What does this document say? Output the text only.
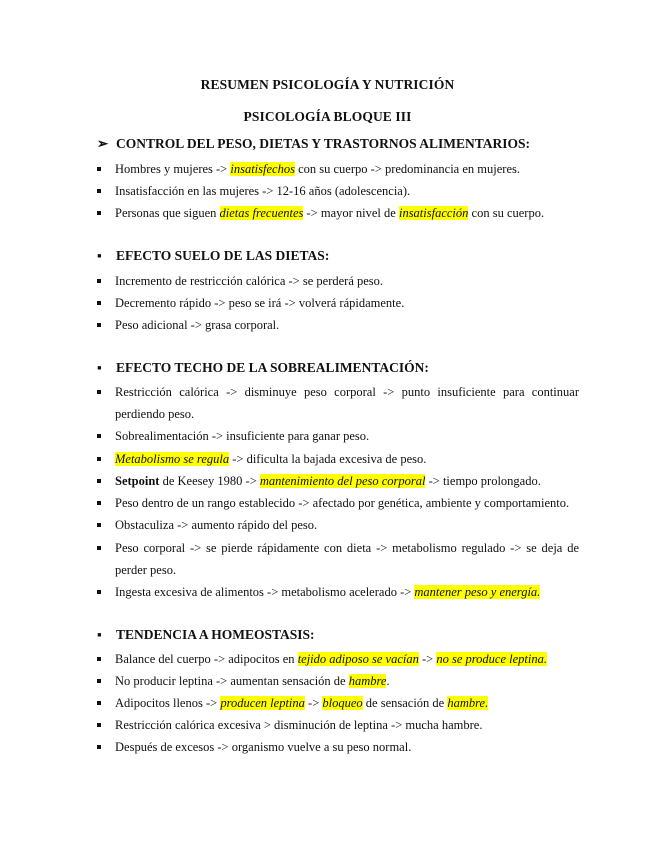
RESUMEN PSICOLOGÍA Y NUTRICIÓN
PSICOLOGÍA BLOQUE III
➢ CONTROL DEL PESO, DIETAS Y TRASTORNOS ALIMENTARIOS:
Hombres y mujeres -> insatisfechos con su cuerpo -> predominancia en mujeres.
Insatisfacción en las mujeres -> 12-16 años (adolescencia).
Personas que siguen dietas frecuentes -> mayor nivel de insatisfacción con su cuerpo.
▪ EFECTO SUELO DE LAS DIETAS:
Incremento de restricción calórica -> se perderá peso.
Decremento rápido -> peso se irá -> volverá rápidamente.
Peso adicional -> grasa corporal.
▪ EFECTO TECHO DE LA SOBREALIMENTACIÓN:
Restricción calórica -> disminuye peso corporal -> punto insuficiente para continuar perdiendo peso.
Sobrealimentación -> insuficiente para ganar peso.
Metabolismo se regula -> dificulta la bajada excesiva de peso.
Setpoint de Keesey 1980 -> mantenimiento del peso corporal -> tiempo prolongado.
Peso dentro de un rango establecido -> afectado por genética, ambiente y comportamiento.
Obstaculiza -> aumento rápido del peso.
Peso corporal -> se pierde rápidamente con dieta -> metabolismo regulado -> se deja de perder peso.
Ingesta excesiva de alimentos -> metabolismo acelerado -> mantener peso y energía.
▪ TENDENCIA A HOMEOSTASIS:
Balance del cuerpo -> adipocitos en tejido adiposo se vacían -> no se produce leptina.
No producir leptina -> aumentan sensación de hambre.
Adipocitos llenos -> producen leptina -> bloqueo de sensación de hambre.
Restricción calórica excesiva > disminución de leptina -> mucha hambre.
Después de excesos -> organismo vuelve a su peso normal.
